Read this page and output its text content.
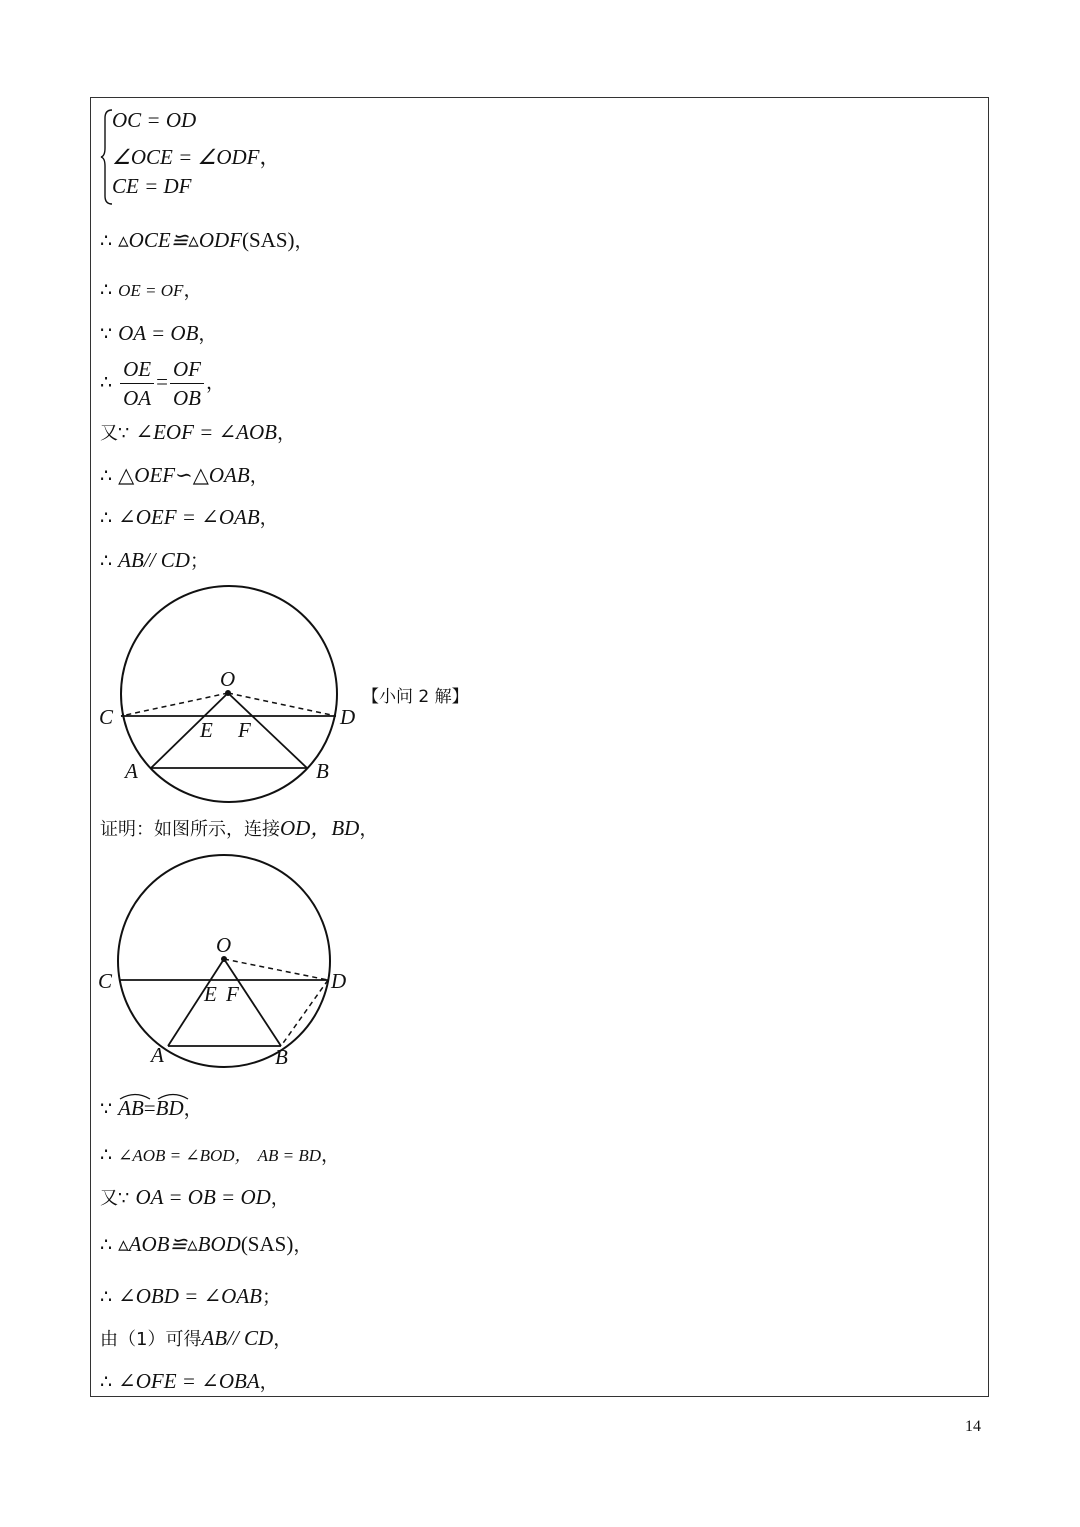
OC = OD
∠OCE = ∠ODF，
CE = DF
∴ ▵OCE≌▵ODF(SAS)，
∴ OE = OF，
∵ OA = OB，
∴ $\frac{OE}{OA} = \frac{OF}{OB}$ ，
又∵ ∠EOF = ∠AOB，
∴ △OEF∽△OAB，
∴ ∠OEF = ∠OAB，
∴ AB// CD；
O
C	D
E F
A	B
【小问 2 解】
证明：如图所示，连接OD，BD，
O
C	D
E F
A	B
∵ AB=
BD，
∴ ∠AOB = ∠BOD， AB = BD，
又∵ OA = OB = OD，
∴ ▵AOB≌▵BOD(SAS)，
∴ ∠OBD = ∠OAB；
由（1）可得AB// CD，
∴ ∠OFE = ∠OBA，
14
